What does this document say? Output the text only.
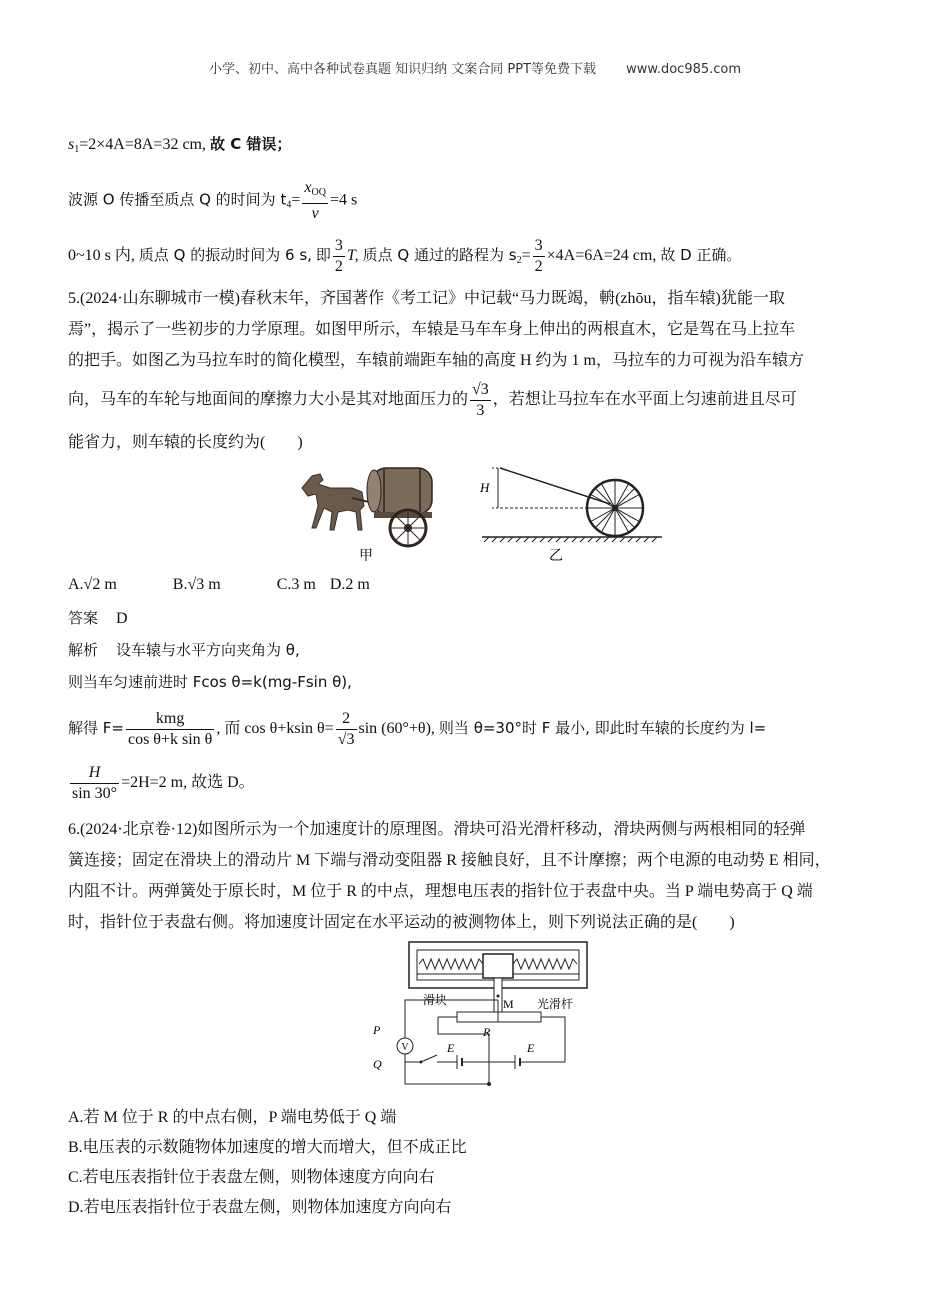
小学、初中、高中各种试卷真题 知识归纳 文案合同 PPT等免费下载 www.doc985.com
$s_1=2\times 4A=8A=32$ cm, 故 C 错误；
波源 O 传播至质点 Q 的时间为 $t_4= \frac{x_{OQ}}{v} =4$ s
0~10 s 内, 质点 Q 的振动时间为 6 s, 即 $\frac{3}{2} T$, 质点 Q 通过的路程为 $s_2= \frac{3}{2} \times 4A=6A=24$ cm, 故 D 正确。
5.(2024·山东聊城市一模)春秋末年，齐国著作《考工记》中记载“马力既竭，輈(zhōu，指车辕)犹能一取
焉”，揭示了一些初步的力学原理。如图甲所示，车辕是马车车身上伸出的两根直木，它是驾在马上拉车
的把手。如图乙为马拉车时的简化模型，车辕前端距车轴的高度 H 约为 1 m，马拉车的力可视为沿车辕方
向，马车的车轮与地面间的摩擦力大小是其对地面压力的 $\frac{√3}{3}$ ，若想让马拉车在水平面上匀速前进且尽可
能省力，则车辕的长度约为(　　)
甲
H
乙
A.√2 m	B.√3 m	C.3 m D.2 m
答案 D
解析 设车辕与水平方向夹角为 θ,
则当车匀速前进时 Fcos θ=k(mg-Fsin θ),
解得 $F= \frac{\text{kmg}}{\text{cos θ+k sin θ}}$ , 而 cos θ+ksin $\theta= \frac{2}{√3}$ sin (60°+θ), 则当 θ=30°时 F 最小, 即此时车辕的长度约为 l=
$\frac{H}{\sin 30^\circ} =2H=2$ m, 故选 D。
6.(2024·北京卷·12)如图所示为一个加速度计的原理图。滑块可沿光滑杆移动，滑块两侧与两根相同的轻弹
簧连接；固定在滑块上的滑动片 M 下端与滑动变阻器 R 接触良好，且不计摩擦；两个电源的电动势 E 相同，
内阻不计。两弹簧处于原长时，M 位于 R 的中点，理想电压表的指针位于表盘中央。当 P 端电势高于 Q 端
时，指针位于表盘右侧。将加速度计固定在水平运动的被测物体上，则下列说法正确的是(　　)
滑块	M 光滑杆
R
V
P
Q
E	E
A.若 M 位于 R 的中点右侧，P 端电势低于 Q 端
B.电压表的示数随物体加速度的增大而增大，但不成正比
C.若电压表指针位于表盘左侧，则物体速度方向向右
D.若电压表指针位于表盘左侧，则物体加速度方向向右
